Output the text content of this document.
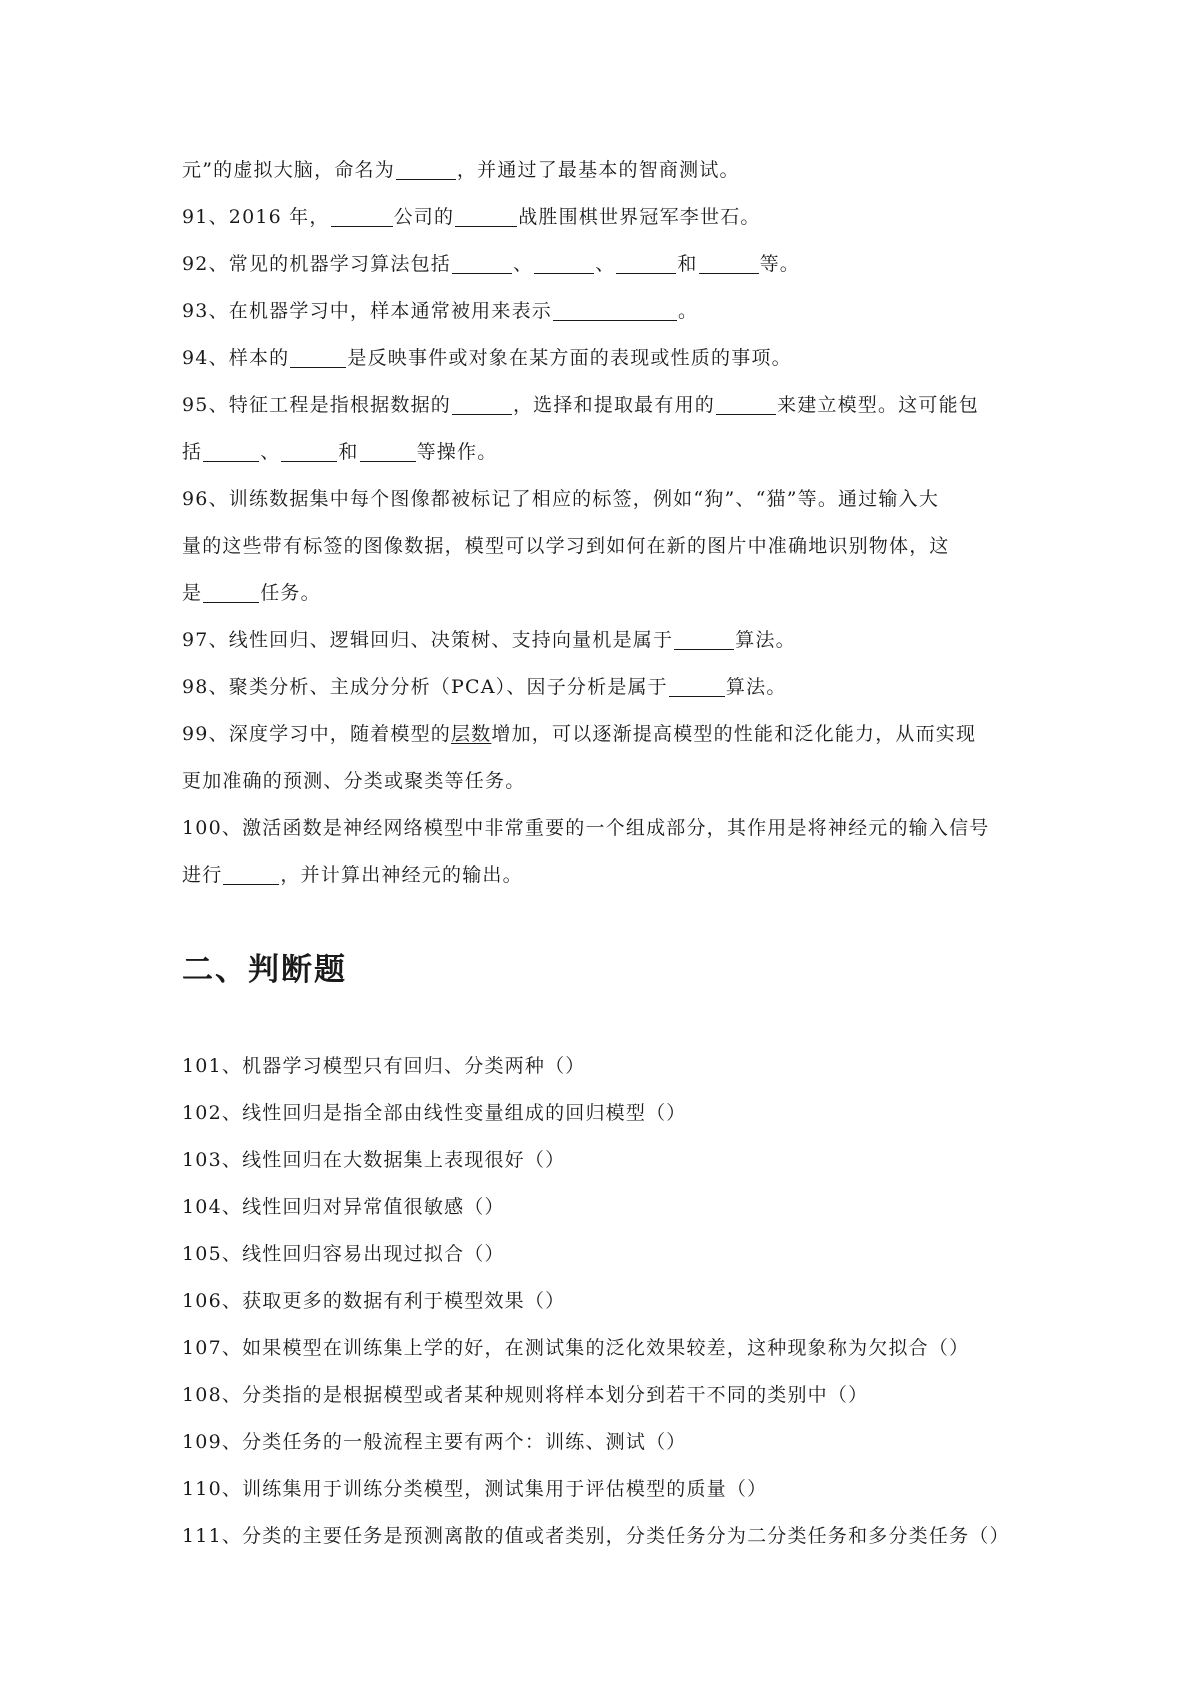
元”的虚拟大脑，命名为	，并通过了最基本的智商测试。
91、2016 年，	公司的	战胜围棋世界冠军李世石。
92、常见的机器学习算法包括	、	、	和	等。
93、在机器学习中，样本通常被用来表示	。
94、样本的	是反映事件或对象在某方面的表现或性质的事项。
95、特征工程是指根据数据的	，选择和提取最有用的	来建立模型。这可能包
括	、	和	等操作。
96、训练数据集中每个图像都被标记了相应的标签，例如“狗”、“猫”等。通过输入大
量的这些带有标签的图像数据，模型可以学习到如何在新的图片中准确地识别物体，这
是	任务。
97、线性回归、逻辑回归、决策树、支持向量机是属于	算法。
98、聚类分析、主成分分析（PCA）、因子分析是属于	算法。
99、深度学习中，随着模型的层数增加，可以逐渐提高模型的性能和泛化能力，从而实现
更加准确的预测、分类或聚类等任务。
100、激活函数是神经网络模型中非常重要的一个组成部分，其作用是将神经元的输入信号
进行	，并计算出神经元的输出。
二、判断题
101、机器学习模型只有回归、分类两种（）
102、线性回归是指全部由线性变量组成的回归模型（）
103、线性回归在大数据集上表现很好（）
104、线性回归对异常值很敏感（）
105、线性回归容易出现过拟合（）
106、获取更多的数据有利于模型效果（）
107、如果模型在训练集上学的好，在测试集的泛化效果较差，这种现象称为欠拟合（）
108、分类指的是根据模型或者某种规则将样本划分到若干不同的类别中（）
109、分类任务的一般流程主要有两个：训练、测试（）
110、训练集用于训练分类模型，测试集用于评估模型的质量（）
111、分类的主要任务是预测离散的值或者类别，分类任务分为二分类任务和多分类任务（）
